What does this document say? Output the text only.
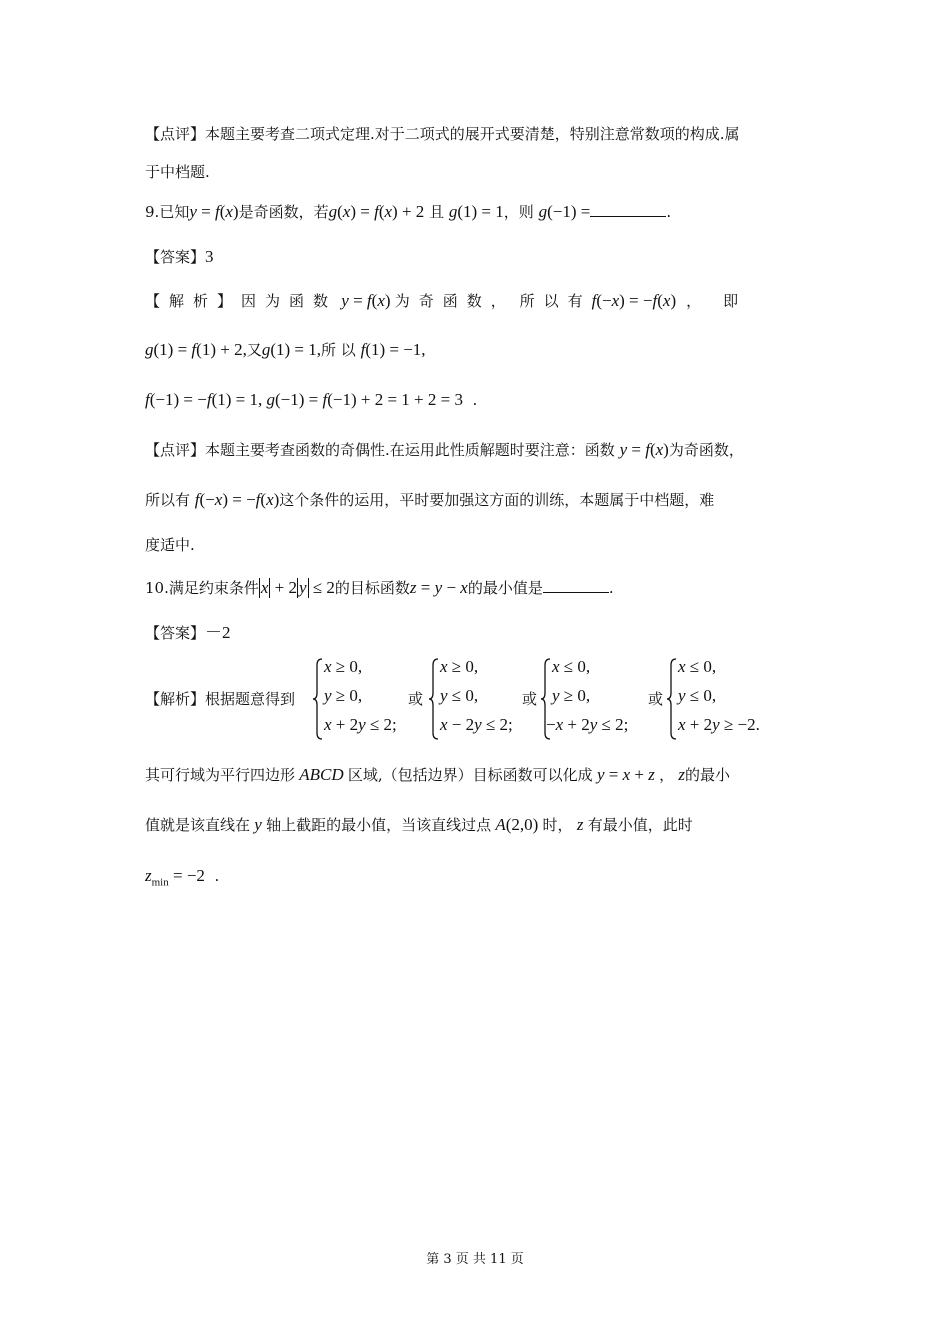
【点评】本题主要考查二项式定理.对于二项式的展开式要清楚，特别注意常数项的构成.属
于中档题.
9.已知y = f(x)是奇函数，若g(x) = f(x) + 2 且 g(1) = 1，则 g(−1) =	.
【答案】3
【解析】因为函数 y = f(x) 为奇函数， 所以有f(−x) = −f(x) ， 即
g(1) = f(1) + 2,又g(1) = 1,所 以 f(1) = −1,
f(−1) = −f(1) = 1, g(−1) = f(−1) + 2 = 1 + 2 = 3 .
【点评】本题主要考查函数的奇偶性.在运用此性质解题时要注意：函数 y = f(x)为奇函数，
所以有 f(−x) = −f(x)这个条件的运用，平时要加强这方面的训练，本题属于中档题，难
度适中.
10.满足约束条件 x + 2 y ≤ 2的目标函数z = y − x的最小值是	.
【答案】－2
【解析】根据题意得到
x ≥ 0,
y ≥ 0,
x + 2y ≤ 2;
或
x ≥ 0,
y ≤ 0,
x − 2y ≤ 2;
或
x ≤ 0,
y ≥ 0,
−x + 2y ≤ 2;
或
x ≤ 0,
y ≤ 0,
x + 2y ≥ −2.
其可行域为平行四边形 ABCD 区域,（包括边界）目标函数可以化成 y = x + z ， z的最小
值就是该直线在 y 轴上截距的最小值，当该直线过点 A(2,0) 时， z 有最小值，此时
$z_{min} = -2$ .
第 3 页 共 11 页
